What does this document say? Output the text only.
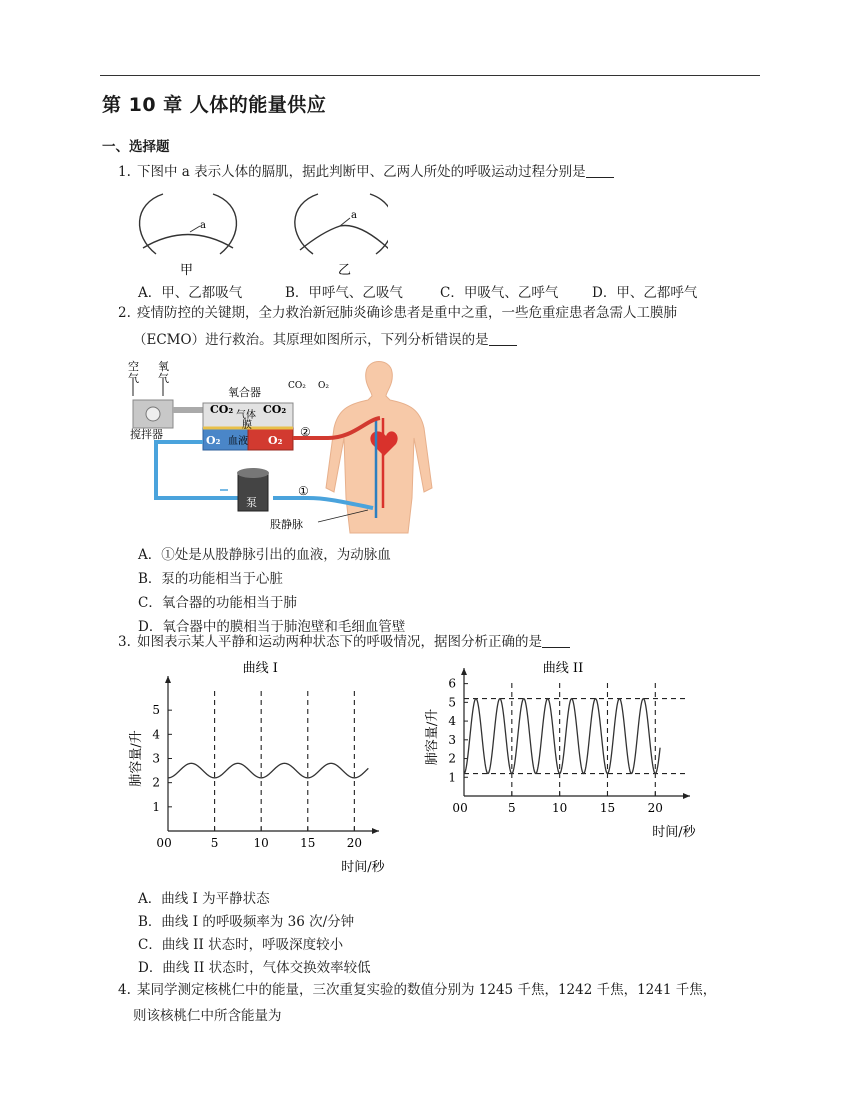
第 10 章 人体的能量供应
一、选择题
1. 下图中 a 表示人体的膈肌，据此判断甲、乙两人所处的呼吸运动过程分别是
a
甲
a
乙
A．甲、乙都吸气	B．甲呼气、乙吸气	C．甲吸气、乙呼气 D．甲、乙都呼气
2. 疫情防控的关键期，全力救治新冠肺炎确诊患者是重中之重，一些危重症患者急需人工膜肺
（ECMO）进行救治。其原理如图所示，下列分析错误的是
空
气
氧
气
氧合器
CO₂	CO₂
CO₂ O₂
气体
膜
O₂ 血液 O₂
搅拌器
泵
股静脉
①
②
A．①处是从股静脉引出的血液，为动脉血
B．泵的功能相当于心脏
C．氧合器的功能相当于肺
D．氧合器中的膜相当于肺泡壁和毛细血管壁
3. 如图表示某人平静和运动两种状态下的呼吸情况，据图分析正确的是
曲线 I
0	5	10	15	20
1
2
3
4
5
0
肺容量/升
时间/秒
曲线 II
0	5	10	15	20
1
2
3
4
5
6
0
肺容量/升
时间/秒
A．曲线 I 为平静状态
B．曲线 I 的呼吸频率为 36 次/分钟
C．曲线 II 状态时，呼吸深度较小
D．曲线 II 状态时，气体交换效率较低
4. 某同学测定核桃仁中的能量，三次重复实验的数值分别为 1245 千焦，1242 千焦，1241 千焦，
则该核桃仁中所含能量为
